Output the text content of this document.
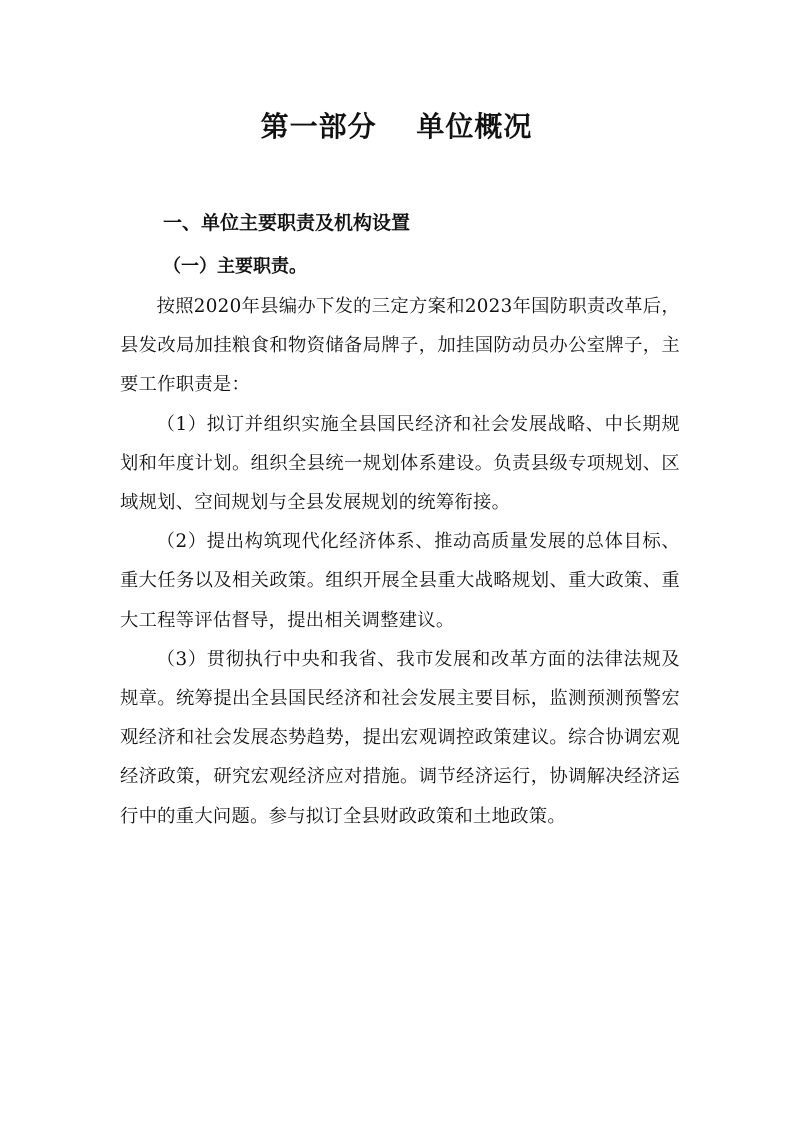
第一部分　 单位概况
一、单位主要职责及机构设置
（一）主要职责。

按照2020年县编办下发的三定方案和2023年国防职责改革后，县发改局加挂粮食和物资储备局牌子，加挂国防动员办公室牌子，主要工作职责是：

（1）拟订并组织实施全县国民经济和社会发展战略、中长期规划和年度计划。组织全县统一规划体系建设。负责县级专项规划、区域规划、空间规划与全县发展规划的统筹衔接。

（2）提出构筑现代化经济体系、推动高质量发展的总体目标、重大任务以及相关政策。组织开展全县重大战略规划、重大政策、重大工程等评估督导，提出相关调整建议。

（3）贯彻执行中央和我省、我市发展和改革方面的法律法规及规章。统筹提出全县国民经济和社会发展主要目标，监测预测预警宏观经济和社会发展态势趋势，提出宏观调控政策建议。综合协调宏观经济政策，研究宏观经济应对措施。调节经济运行，协调解决经济运行中的重大问题。参与拟订全县财政政策和土地政策。
